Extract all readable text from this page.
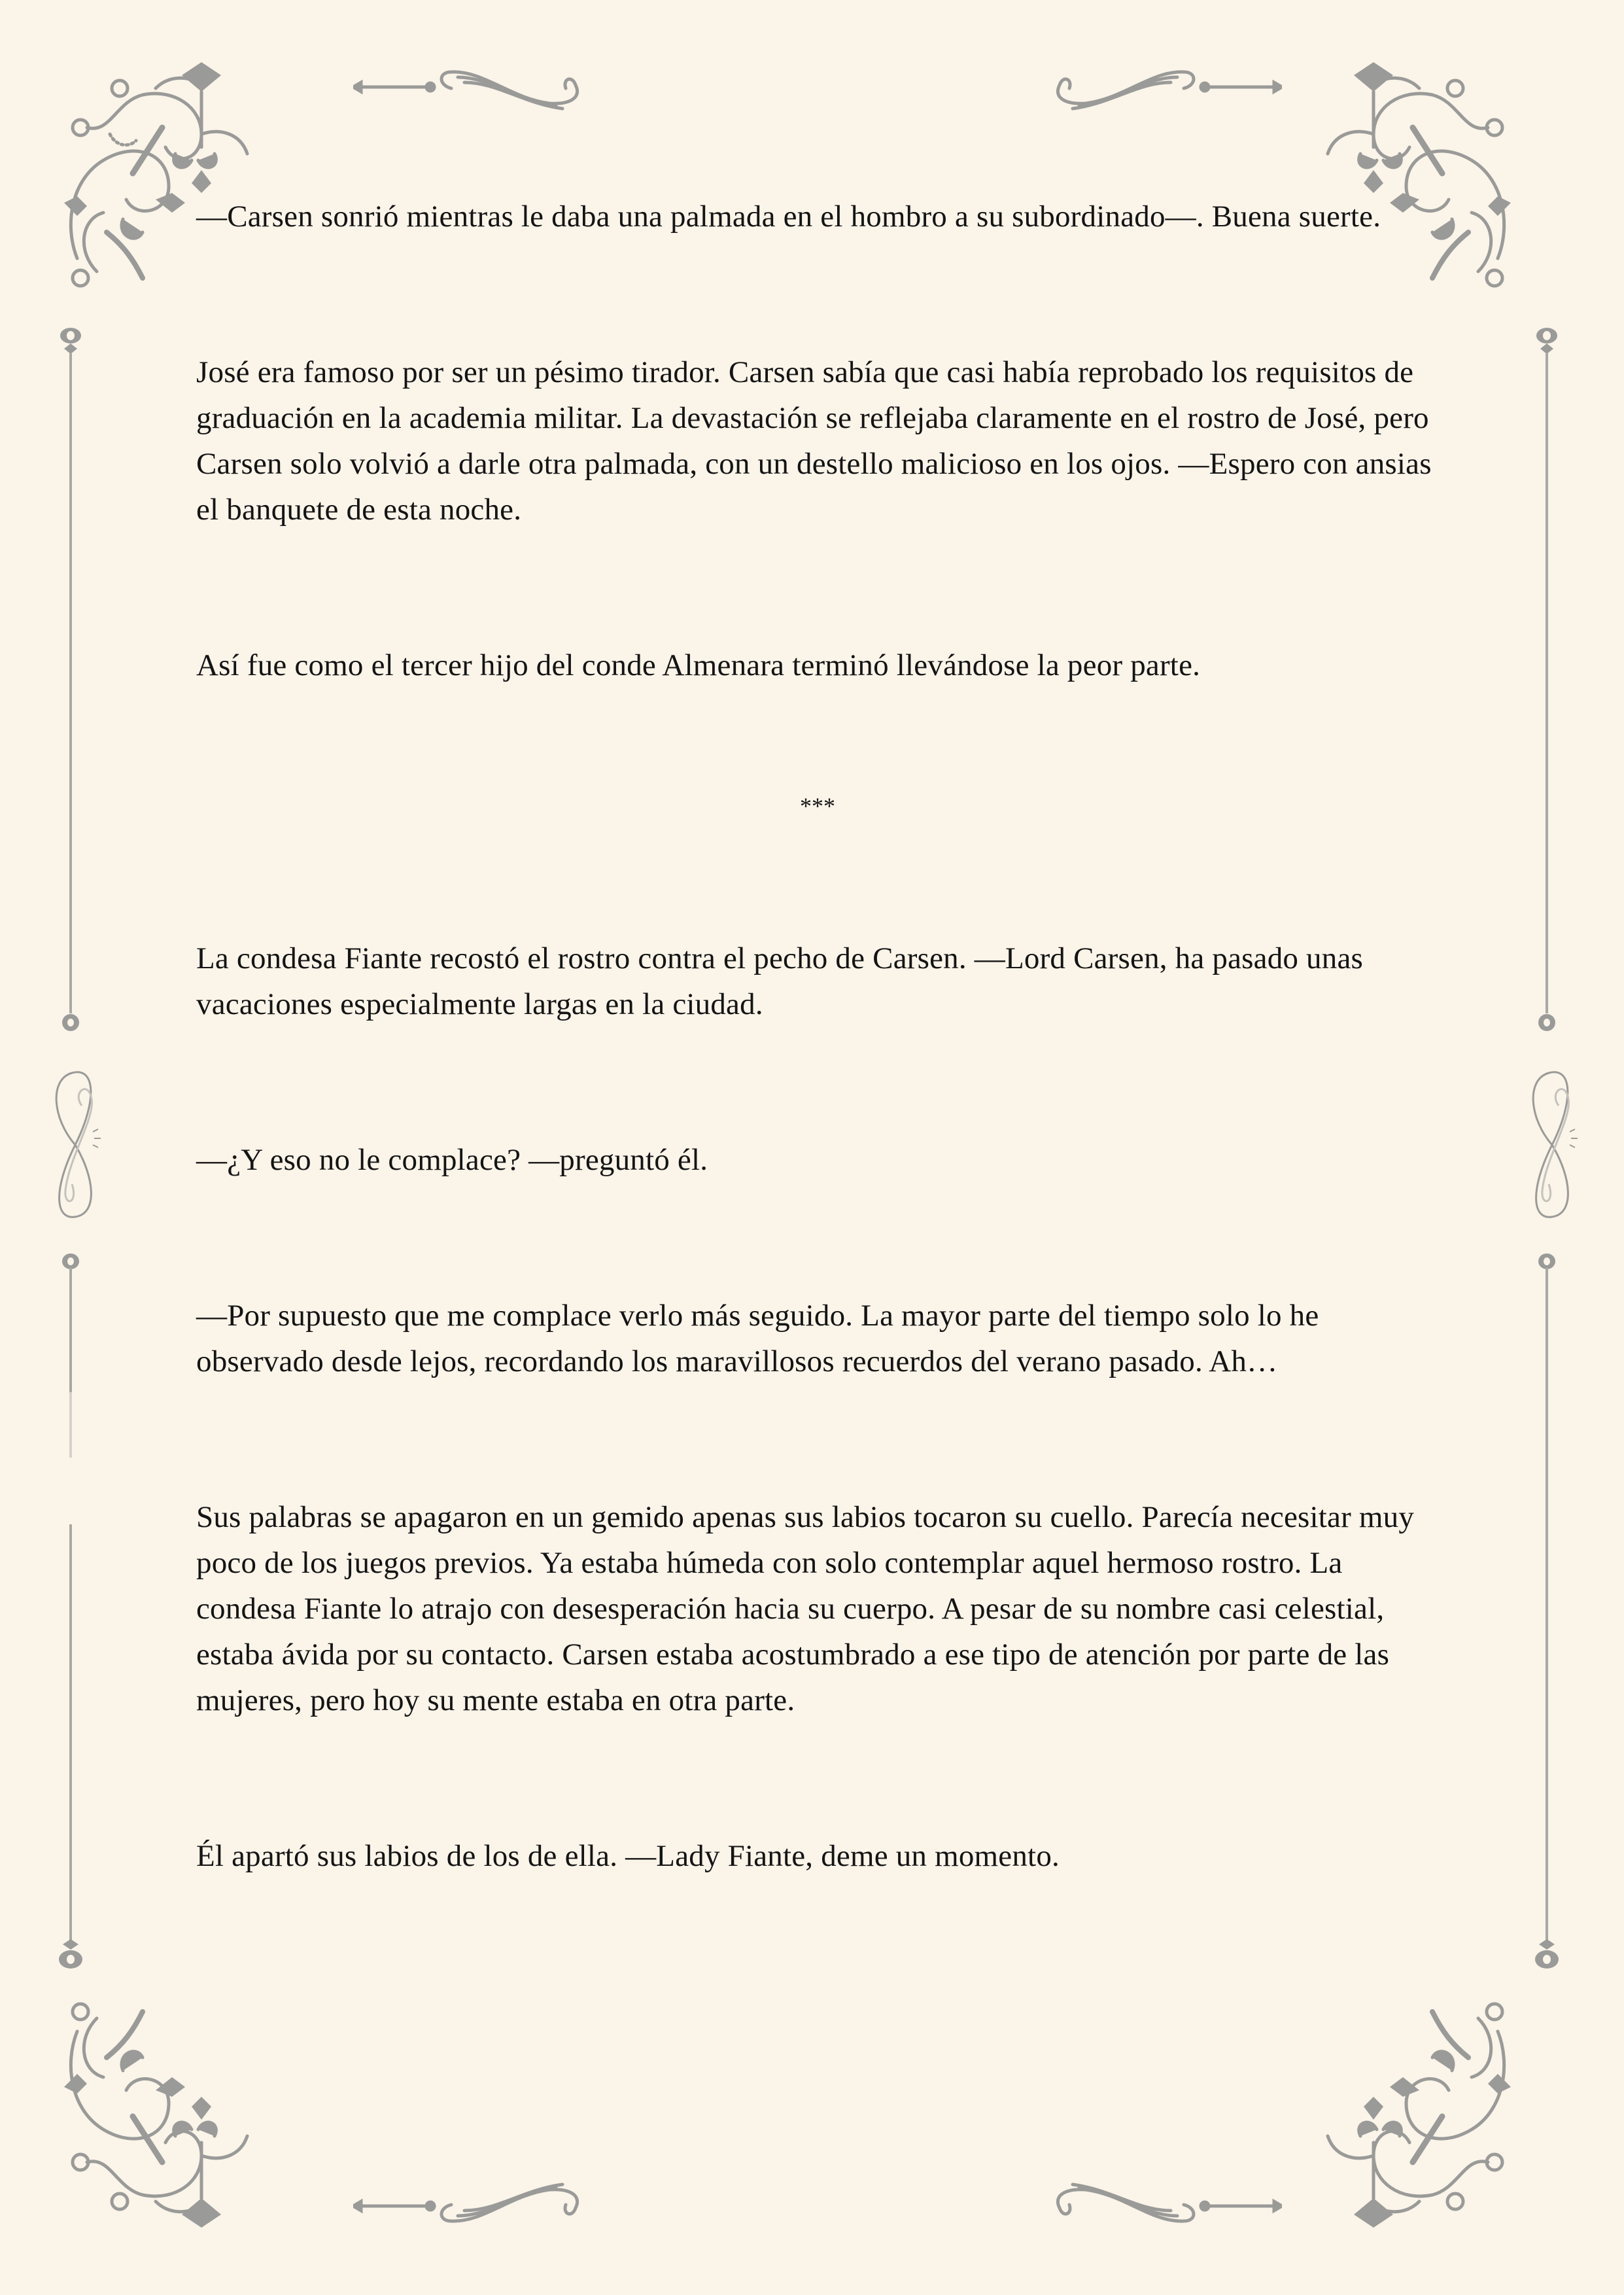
—Carsen sonrió mientras le daba una palmada en el hombro a su subordinado—. Buena suerte.

José era famoso por ser un pésimo tirador. Carsen sabía que casi había reprobado los requisitos de graduación en la academia militar. La devastación se reflejaba claramente en el rostro de José, pero Carsen solo volvió a darle otra palmada, con un destello malicioso en los ojos. —Espero con ansias el banquete de esta noche.

Así fue como el tercer hijo del conde Almenara terminó llevándose la peor parte.

***

La condesa Fiante recostó el rostro contra el pecho de Carsen. —Lord Carsen, ha pasado unas vacaciones especialmente largas en la ciudad.

—¿Y eso no le complace? —preguntó él.

—Por supuesto que me complace verlo más seguido. La mayor parte del tiempo solo lo he observado desde lejos, recordando los maravillosos recuerdos del verano pasado. Ah…

Sus palabras se apagaron en un gemido apenas sus labios tocaron su cuello. Parecía necesitar muy poco de los juegos previos. Ya estaba húmeda con solo contemplar aquel hermoso rostro. La condesa Fiante lo atrajo con desesperación hacia su cuerpo. A pesar de su nombre casi celestial, estaba ávida por su contacto. Carsen estaba acostumbrado a ese tipo de atención por parte de las mujeres, pero hoy su mente estaba en otra parte.

Él apartó sus labios de los de ella. —Lady Fiante, deme un momento.
